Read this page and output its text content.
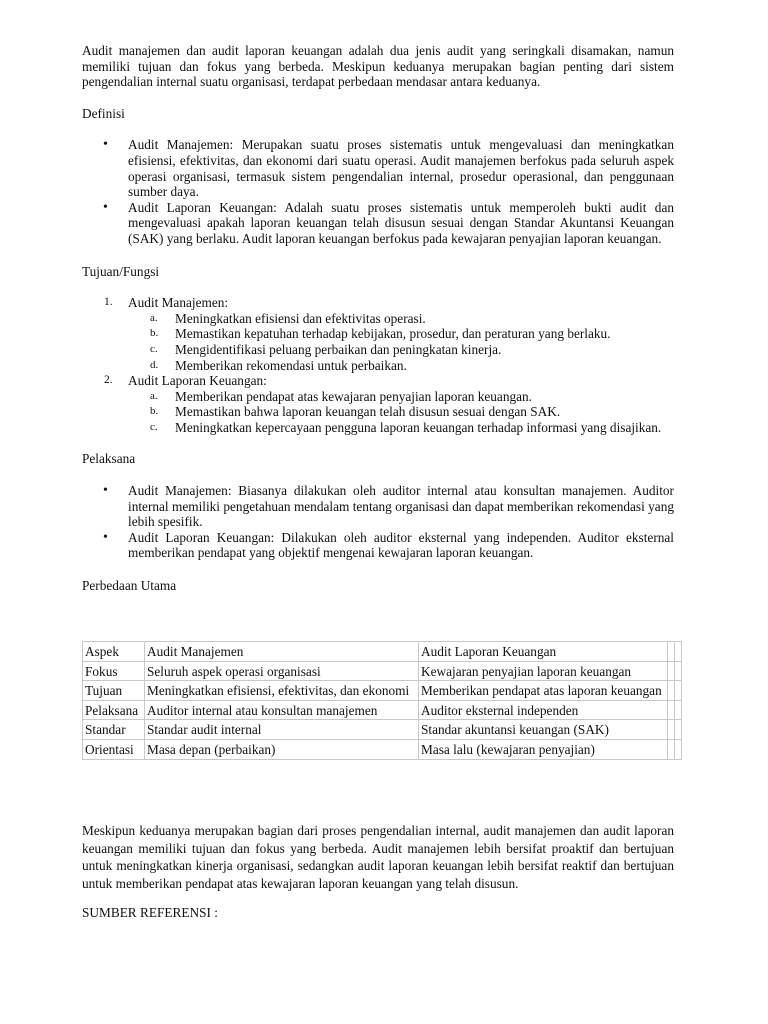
Audit manajemen dan audit laporan keuangan adalah dua jenis audit yang seringkali disamakan, namun memiliki tujuan dan fokus yang berbeda. Meskipun keduanya merupakan bagian penting dari sistem pengendalian internal suatu organisasi, terdapat perbedaan mendasar antara keduanya.

Definisi
• Audit Manajemen: Merupakan suatu proses sistematis untuk mengevaluasi dan meningkatkan efisiensi, efektivitas, dan ekonomi dari suatu operasi. Audit manajemen berfokus pada seluruh aspek operasi organisasi, termasuk sistem pengendalian internal, prosedur operasional, dan penggunaan sumber daya.
• Audit Laporan Keuangan: Adalah suatu proses sistematis untuk memperoleh bukti audit dan mengevaluasi apakah laporan keuangan telah disusun sesuai dengan Standar Akuntansi Keuangan (SAK) yang berlaku. Audit laporan keuangan berfokus pada kewajaran penyajian laporan keuangan.
Tujuan/Fungsi
1. Audit Manajemen:
a. Meningkatkan efisiensi dan efektivitas operasi.
b. Memastikan kepatuhan terhadap kebijakan, prosedur, dan peraturan yang berlaku.
c. Mengidentifikasi peluang perbaikan dan peningkatan kinerja.
d. Memberikan rekomendasi untuk perbaikan.
2. Audit Laporan Keuangan:
a. Memberikan pendapat atas kewajaran penyajian laporan keuangan.
b. Memastikan bahwa laporan keuangan telah disusun sesuai dengan SAK.
c. Meningkatkan kepercayaan pengguna laporan keuangan terhadap informasi yang disajikan.
Pelaksana
• Audit Manajemen: Biasanya dilakukan oleh auditor internal atau konsultan manajemen. Auditor internal memiliki pengetahuan mendalam tentang organisasi dan dapat memberikan rekomendasi yang lebih spesifik.
• Audit Laporan Keuangan: Dilakukan oleh auditor eksternal yang independen. Auditor eksternal memberikan pendapat yang objektif mengenai kewajaran laporan keuangan.
Perbedaan Utama
Aspek	Audit Manajemen	Audit Laporan Keuangan		
Fokus	Seluruh aspek operasi organisasi	Kewajaran penyajian laporan keuangan		
Tujuan	Meningkatkan efisiensi, efektivitas, dan ekonomi	Memberikan pendapat atas laporan keuangan		
Pelaksana	Auditor internal atau konsultan manajemen	Auditor eksternal independen		
Standar	Standar audit internal	Standar akuntansi keuangan (SAK)		
Orientasi	Masa depan (perbaikan)	Masa lalu (kewajaran penyajian)		

Meskipun keduanya merupakan bagian dari proses pengendalian internal, audit manajemen dan audit laporan keuangan memiliki tujuan dan fokus yang berbeda. Audit manajemen lebih bersifat proaktif dan bertujuan untuk meningkatkan kinerja organisasi, sedangkan audit laporan keuangan lebih bersifat reaktif dan bertujuan untuk memberikan pendapat atas kewajaran laporan keuangan yang telah disusun.

SUMBER REFERENSI :
